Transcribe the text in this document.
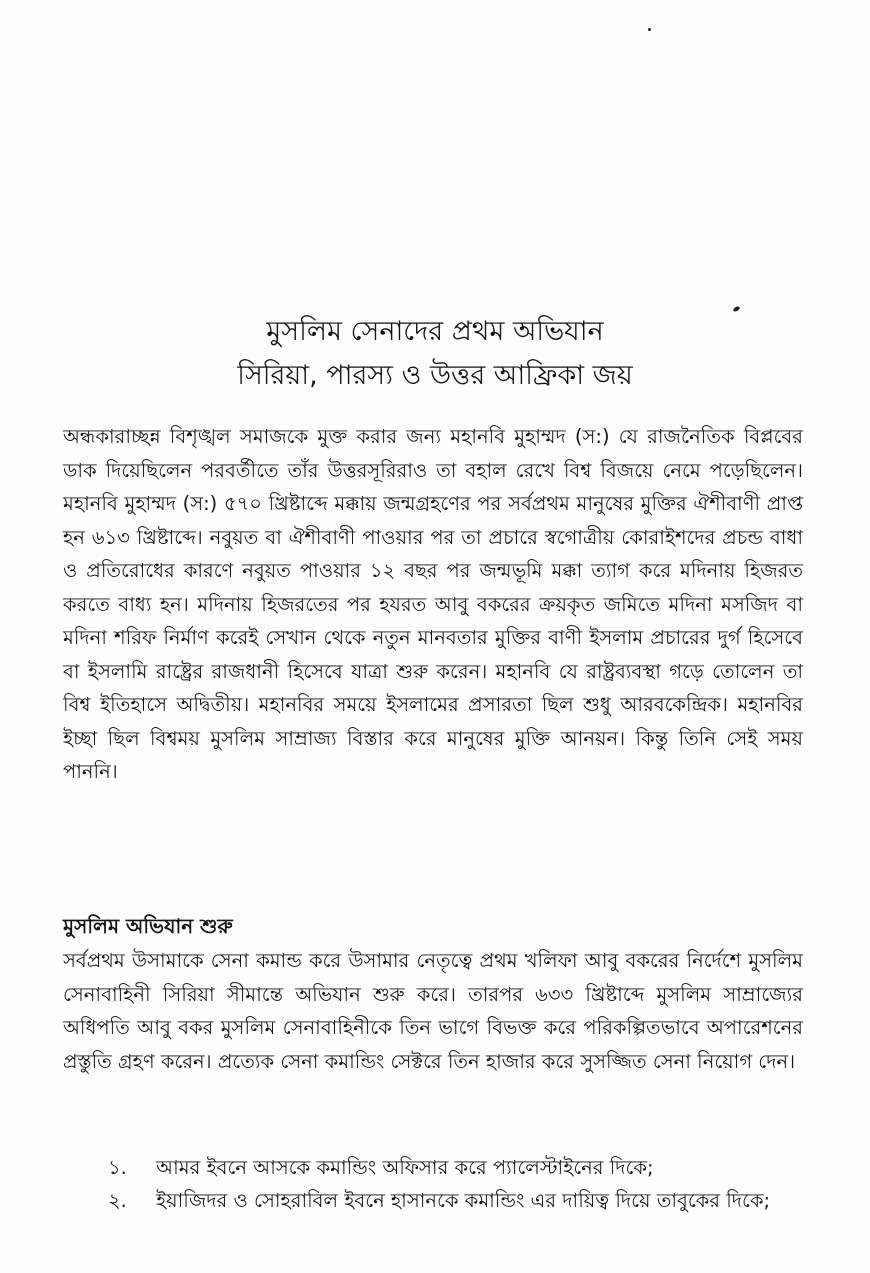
মুসলিম সেনাদের প্রথম অভিযান
সিরিয়া, পারস্য ও উত্তর আফ্রিকা জয়

অন্ধকারাচ্ছন্ন বিশৃঙ্খল সমাজকে মুক্ত করার জন্য মহানবি মুহাম্মদ (স:) যে রাজনৈতিক বিপ্লবের ডাক দিয়েছিলেন পরবর্তীতে তাঁর উত্তরসূরিরাও তা বহাল রেখে বিশ্ব বিজয়ে নেমে পড়েছিলেন। মহানবি মুহাম্মদ (স:) ৫৭০ খ্রিষ্টাব্দে মক্কায় জন্মগ্রহণের পর সর্বপ্রথম মানুষের মুক্তির ঐশীবাণী প্রাপ্ত হন ৬১৩ খ্রিষ্টাব্দে। নবুয়ত বা ঐশীবাণী পাওয়ার পর তা প্রচারে স্বগোত্রীয় কোরাইশদের প্রচন্ড বাধা ও প্রতিরোধের কারণে নবুয়ত পাওয়ার ১২ বছর পর জন্মভূমি মক্কা ত্যাগ করে মদিনায় হিজরত করতে বাধ্য হন। মদিনায় হিজরতের পর হযরত আবু বকরের ক্রয়কৃত জমিতে মদিনা মসজিদ বা মদিনা শরিফ নির্মাণ করেই সেখান থেকে নতুন মানবতার মুক্তির বাণী ইসলাম প্রচারের দুর্গ হিসেবে বা ইসলামি রাষ্ট্রের রাজধানী হিসেবে যাত্রা শুরু করেন। মহানবি যে রাষ্ট্রব্যবস্থা গড়ে তোলেন তা বিশ্ব ইতিহাসে অদ্বিতীয়। মহানবির সময়ে ইসলামের প্রসারতা ছিল শুধু আরবকেন্দ্রিক। মহানবির ইচ্ছা ছিল বিশ্বময় মুসলিম সাম্রাজ্য বিস্তার করে মানুষের মুক্তি আনয়ন। কিন্তু তিনি সেই সময় পাননি।

মুসলিম অভিযান শুরু

সর্বপ্রথম উসামাকে সেনা কমান্ড করে উসামার নেতৃত্বে প্রথম খলিফা আবু বকরের নির্দেশে মুসলিম সেনাবাহিনী সিরিয়া সীমান্তে অভিযান শুরু করে। তারপর ৬৩৩ খ্রিষ্টাব্দে মুসলিম সাম্রাজ্যের অধিপতি আবু বকর মুসলিম সেনাবাহিনীকে তিন ভাগে বিভক্ত করে পরিকল্পিতভাবে অপারেশনের প্রস্তুতি গ্রহণ করেন। প্রত্যেক সেনা কমান্ডিং সেক্টরে তিন হাজার করে সুসজ্জিত সেনা নিয়োগ দেন।

১.	আমর ইবনে আসকে কমান্ডিং অফিসার করে প্যালেস্টাইনের দিকে;
২.	ইয়াজিদর ও সোহরাবিল ইবনে হাসানকে কমান্ডিং এর দায়িত্ব দিয়ে তাবুকের দিকে;
